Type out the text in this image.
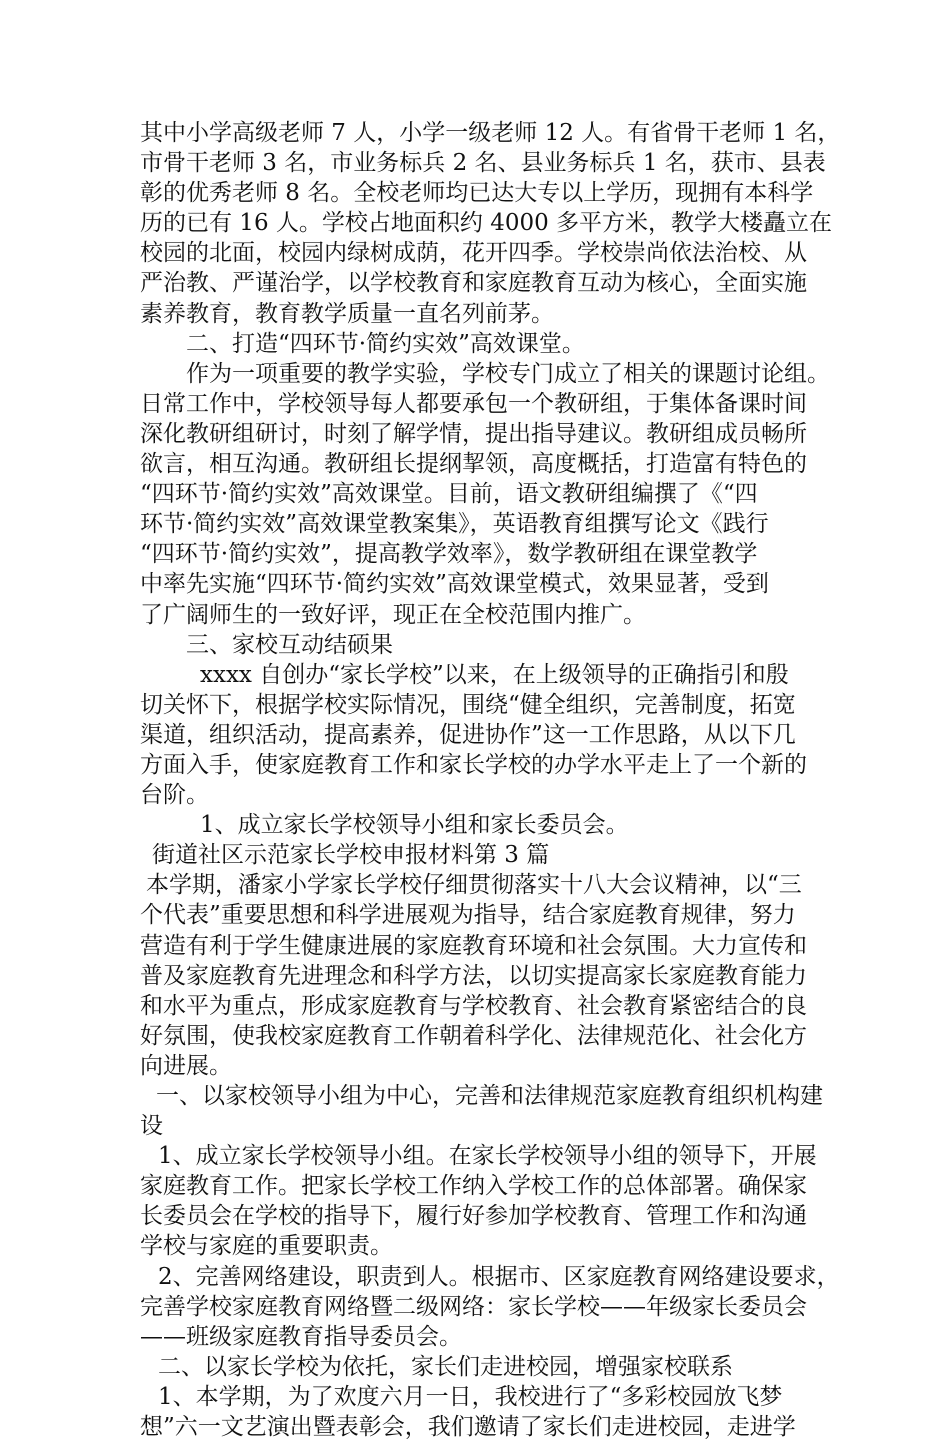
其中小学高级老师 7 人，小学一级老师 12 人。有省骨干老师 1 名，
市骨干老师 3 名，市业务标兵 2 名、县业务标兵 1 名，获市、县表
彰的优秀老师 8 名。全校老师均已达大专以上学历，现拥有本科学
历的已有 16 人。学校占地面积约 4000 多平方米，教学大楼矗立在
校园的北面，校园内绿树成荫，花开四季。学校崇尚依法治校、从
严治教、严谨治学，以学校教育和家庭教育互动为核心，全面实施
素养教育，教育教学质量一直名列前茅。
二、打造“四环节·简约实效”高效课堂。
作为一项重要的教学实验，学校专门成立了相关的课题讨论组。
日常工作中，学校领导每人都要承包一个教研组，于集体备课时间
深化教研组研讨，时刻了解学情，提出指导建议。教研组成员畅所
欲言，相互沟通。教研组长提纲挈领，高度概括，打造富有特色的
“四环节·简约实效”高效课堂。目前，语文教研组编撰了《“四
环节·简约实效”高效课堂教案集》，英语教育组撰写论文《践行
“四环节·简约实效”，提高教学效率》，数学教研组在课堂教学
中率先实施“四环节·简约实效”高效课堂模式，效果显著，受到
了广阔师生的一致好评，现正在全校范围内推广。
三、家校互动结硕果
xxxx 自创办“家长学校”以来，在上级领导的正确指引和殷
切关怀下，根据学校实际情况，围绕“健全组织，完善制度，拓宽
渠道，组织活动，提高素养，促进协作”这一工作思路，从以下几
方面入手，使家庭教育工作和家长学校的办学水平走上了一个新的
台阶。
1、成立家长学校领导小组和家长委员会。
街道社区示范家长学校申报材料第 3 篇
本学期，潘家小学家长学校仔细贯彻落实十八大会议精神，以“三
个代表”重要思想和科学进展观为指导，结合家庭教育规律，努力
营造有利于学生健康进展的家庭教育环境和社会氛围。大力宣传和
普及家庭教育先进理念和科学方法，以切实提高家长家庭教育能力
和水平为重点，形成家庭教育与学校教育、社会教育紧密结合的良
好氛围，使我校家庭教育工作朝着科学化、法律规范化、社会化方
向进展。
一、以家校领导小组为中心，完善和法律规范家庭教育组织机构建
设
1、成立家长学校领导小组。在家长学校领导小组的领导下，开展
家庭教育工作。把家长学校工作纳入学校工作的总体部署。确保家
长委员会在学校的指导下，履行好参加学校教育、管理工作和沟通
学校与家庭的重要职责。
2、完善网络建设，职责到人。根据市、区家庭教育网络建设要求，
完善学校家庭教育网络暨二级网络：家长学校——年级家长委员会
——班级家庭教育指导委员会。
二、以家长学校为依托，家长们走进校园，增强家校联系
1、本学期，为了欢度六月一日，我校进行了“多彩校园放飞梦
想”六一文艺演出暨表彰会，我们邀请了家长们走进校园，走进学
